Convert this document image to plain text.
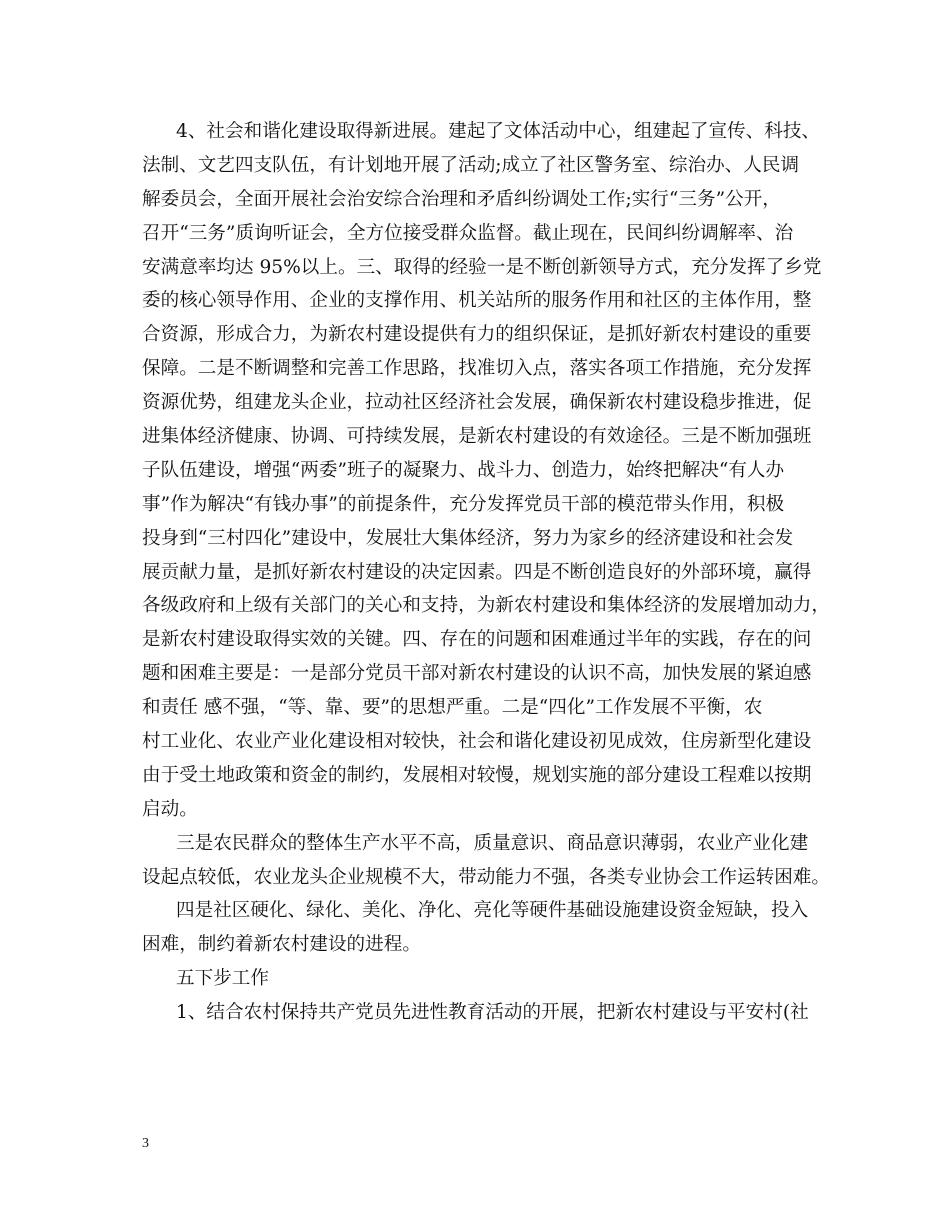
4、社会和谐化建设取得新进展。建起了文体活动中心，组建起了宣传、科技、
法制、文艺四支队伍，有计划地开展了活动;成立了社区警务室、综治办、人民调
解委员会，全面开展社会治安综合治理和矛盾纠纷调处工作;实行“三务”公开，
召开“三务”质询听证会，全方位接受群众监督。截止现在，民间纠纷调解率、治
安满意率均达 95%以上。三、取得的经验一是不断创新领导方式，充分发挥了乡党
委的核心领导作用、企业的支撑作用、机关站所的服务作用和社区的主体作用，整
合资源，形成合力，为新农村建设提供有力的组织保证，是抓好新农村建设的重要
保障。二是不断调整和完善工作思路，找准切入点，落实各项工作措施，充分发挥
资源优势，组建龙头企业，拉动社区经济社会发展，确保新农村建设稳步推进，促
进集体经济健康、协调、可持续发展，是新农村建设的有效途径。三是不断加强班
子队伍建设，增强“两委”班子的凝聚力、战斗力、创造力，始终把解决“有人办
事”作为解决“有钱办事”的前提条件，充分发挥党员干部的模范带头作用，积极
投身到“三村四化”建设中，发展壮大集体经济，努力为家乡的经济建设和社会发
展贡献力量，是抓好新农村建设的决定因素。四是不断创造良好的外部环境，赢得
各级政府和上级有关部门的关心和支持，为新农村建设和集体经济的发展增加动力，
是新农村建设取得实效的关键。四、存在的问题和困难通过半年的实践，存在的问
题和困难主要是：一是部分党员干部对新农村建设的认识不高，加快发展的紧迫感
和责任 感不强，“等、靠、要”的思想严重。二是“四化”工作发展不平衡，农
村工业化、农业产业化建设相对较快，社会和谐化建设初见成效，住房新型化建设
由于受土地政策和资金的制约，发展相对较慢，规划实施的部分建设工程难以按期
启动。
三是农民群众的整体生产水平不高，质量意识、商品意识薄弱，农业产业化建
设起点较低，农业龙头企业规模不大，带动能力不强，各类专业协会工作运转困难。
四是社区硬化、绿化、美化、净化、亮化等硬件基础设施建设资金短缺，投入
困难，制约着新农村建设的进程。
五下步工作
1、结合农村保持共产党员先进性教育活动的开展，把新农村建设与平安村(社
3
